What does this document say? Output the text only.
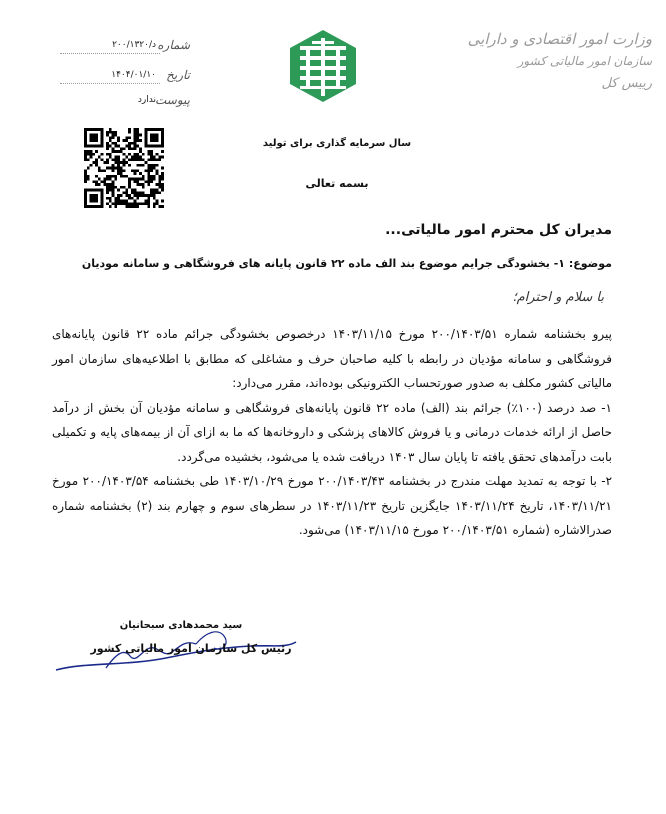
وزارت امور اقتصادی و دارایی
سازمان امور مالیاتی کشور
رییس کل
شماره
د/۲۰۰/۱۳۲۰
تاریخ
۱۴۰۴/۰۱/۱۰
پیوست
ندارد
سال سرمایه گذاری برای تولید
بسمه تعالی
مدیران کل محترم امور مالیاتی...
موضوع: ۱- بخشودگی جرایم موضوع بند الف ماده ۲۲ قانون پایانه های فروشگاهی و سامانه مودیان
با سلام و احترام؛

پیرو بخشنامه شماره ۲۰۰/۱۴۰۳/۵۱ مورخ ۱۴۰۳/۱۱/۱۵ درخصوص بخشودگی جرائم ماده ۲۲ قانون پایانه‌های فروشگاهی و سامانه مؤدیان در رابطه با کلیه صاحبان حرف و مشاغلی که مطابق با اطلاعیه‌های سازمان امور مالیاتی کشور مکلف به صدور صورتحساب الکترونیکی بوده‌اند، مقرر می‌دارد:

۱- صد درصد (۱۰۰٪) جرائم بند (الف) ماده ۲۲ قانون پایانه‌های فروشگاهی و سامانه مؤدیان آن بخش از درآمد حاصل از ارائه خدمات درمانی و یا فروش کالاهای پزشکی و داروخانه‌ها که ما به ازای آن از بیمه‌های پایه و تکمیلی بابت درآمدهای تحقق یافته تا پایان سال ۱۴۰۳ دریافت شده یا می‌شود، بخشیده می‌گردد.

۲- با توجه به تمدید مهلت مندرج در بخشنامه ۲۰۰/۱۴۰۳/۴۳ مورخ ۱۴۰۳/۱۰/۲۹ طی بخشنامه ۲۰۰/۱۴۰۳/۵۴ مورخ ۱۴۰۳/۱۱/۲۱، تاریخ ۱۴۰۳/۱۱/۲۴ جایگزین تاریخ ۱۴۰۳/۱۱/۲۳ در سطرهای سوم و چهارم بند (۲) بخشنامه شماره صدرالاشاره (شماره ۲۰۰/۱۴۰۳/۵۱ مورخ ۱۴۰۳/۱۱/۱۵) می‌شود.

سید محمدهادی سبحانیان
رئیس کل سازمان امور مالیاتی کشور
